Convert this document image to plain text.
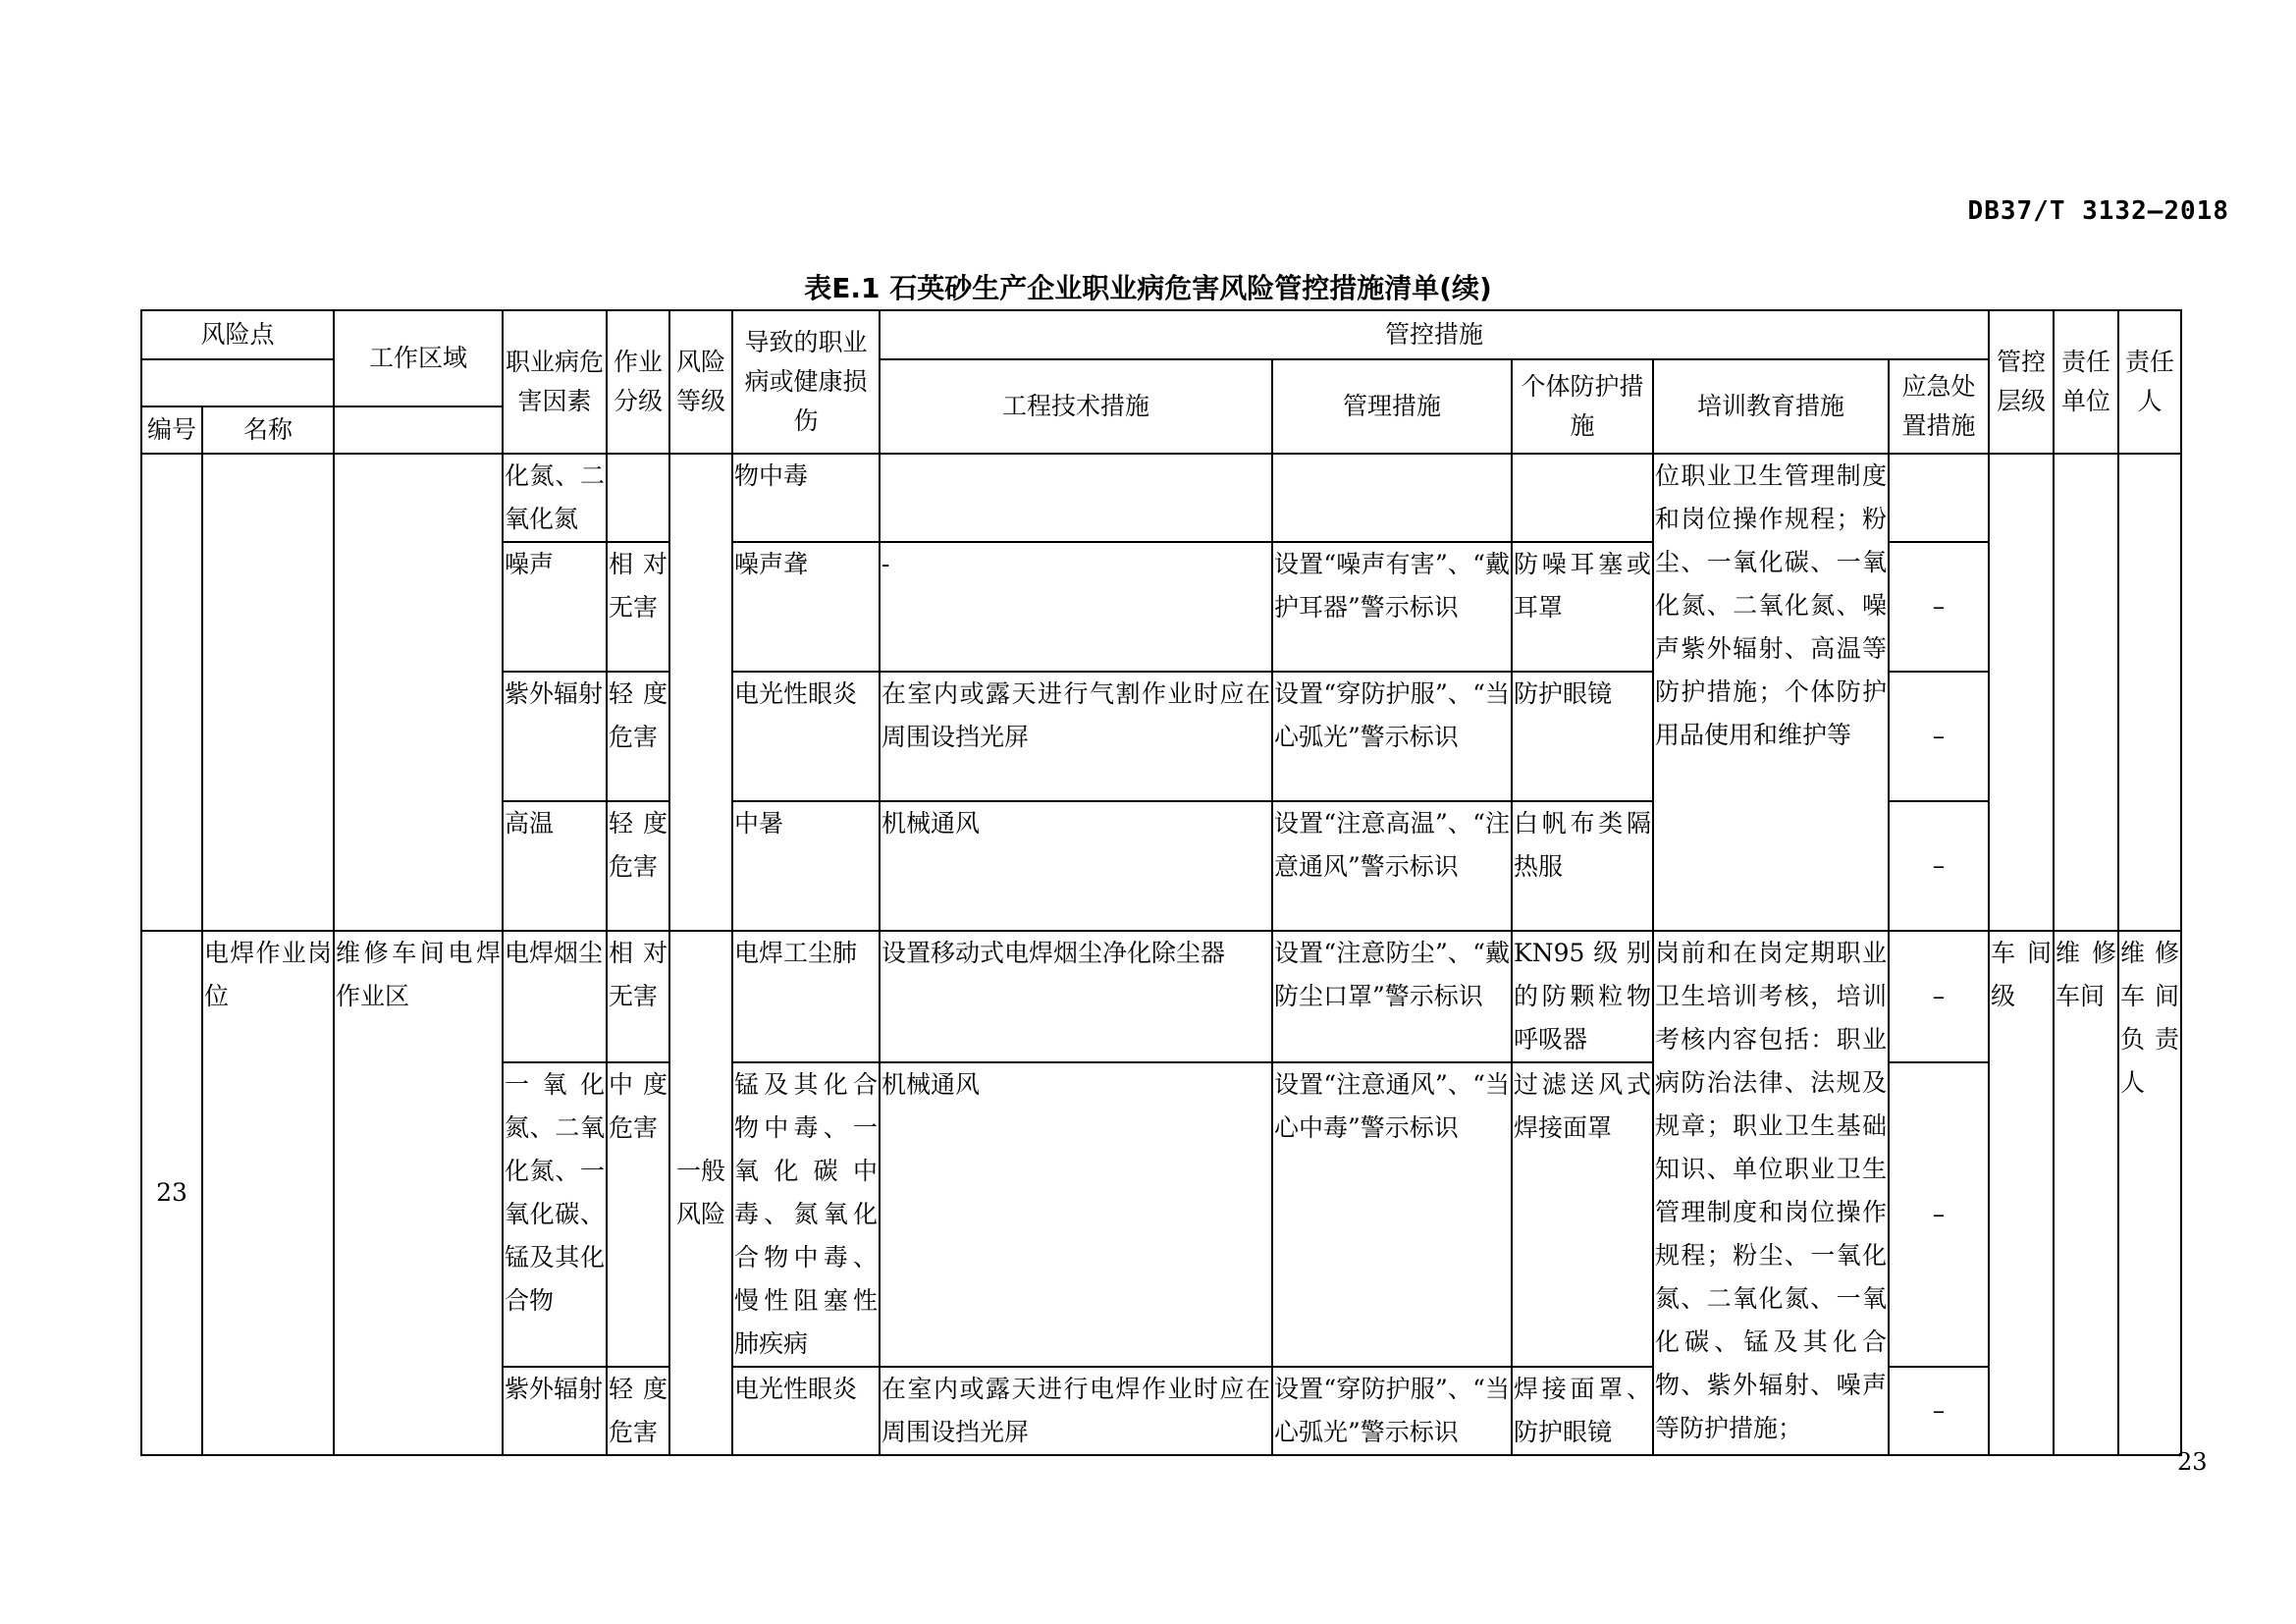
DB37/T 3132—2018
表E.1 石英砂生产企业职业病危害风险管控措施清单(续)
风险点		工作区域	职业病危害因素	作业分级	风险等级	导致的职业病或健康损伤	管控措施					管控层级	责任单位	责任人
							工程技术措施	管理措施	个体防护措施	培训教育措施	应急处置措施			
编号	名称													
			化氮、二氧化氮			物中毒				位职业卫生管理制度和岗位操作规程；粉尘、一氧化碳、一氧化氮、二氧化氮、噪声紫外辐射、高温等防护措施；个体防护用品使用和维护等				
			噪声	相对无害		噪声聋	-	设置“噪声有害”、“戴护耳器”警示标识	防噪耳塞或耳罩		–			
			紫外辐射	轻度危害		电光性眼炎	在室内或露天进行气割作业时应在周围设挡光屏	设置“穿防护服”、“当心弧光”警示标识	防护眼镜		–			
			高温	轻度危害		中暑	机械通风	设置“注意高温”、“注意通风”警示标识	白帆布类隔热服		–			
23	电焊作业岗位	维修车间电焊作业区	电焊烟尘	相对无害	一般风险	电焊工尘肺	设置移动式电焊烟尘净化除尘器	设置“注意防尘”、“戴防尘口罩”警示标识	KN95级别的防颗粒物呼吸器	岗前和在岗定期职业卫生培训考核，培训考核内容包括：职业病防治法律、法规及规章；职业卫生基础知识、单位职业卫生管理制度和岗位操作规程；粉尘、一氧化氮、二氧化氮、一氧化碳、锰及其化合物、紫外辐射、噪声等防护措施；	–	车间级	维修车间	维修车间负责人
			一氧化氮、二氧化氮、一氧化碳、锰及其化合物	中度危害		锰及其化合物中毒、一氧化碳中毒、氮氧化合物中毒、慢性阻塞性肺疾病	机械通风	设置“注意通风”、“当心中毒”警示标识	过滤送风式焊接面罩		–			
			紫外辐射	轻度危害		电光性眼炎	在室内或露天进行电焊作业时应在周围设挡光屏	设置“穿防护服”、“当心弧光”警示标识	焊接面罩、防护眼镜		–			
23
